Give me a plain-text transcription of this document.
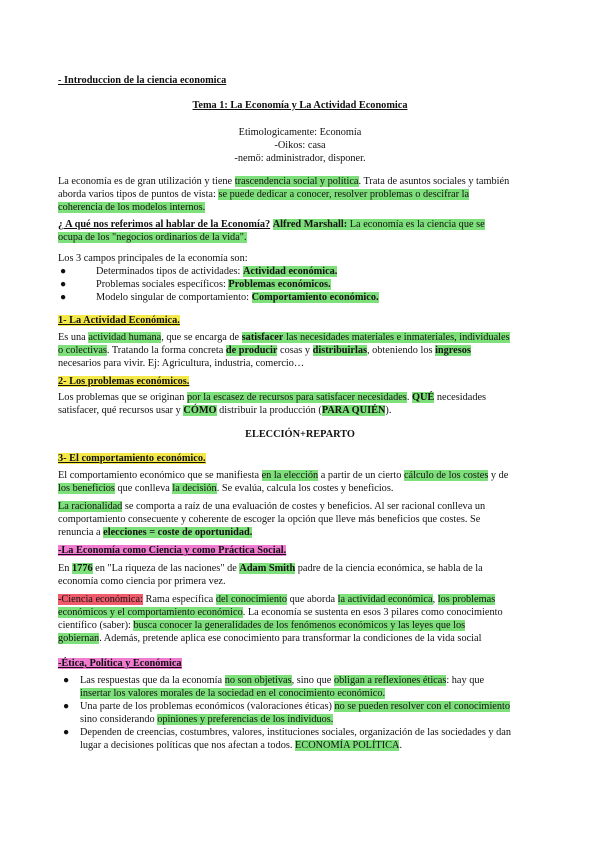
- Introduccion de la ciencia economica
Tema 1: La Economía y La Actividad Economica
Etimologicamente: Economía
-Oikos: casa
-nemö: administrador, disponer.
La economía es de gran utilización y tiene trascendencia social y política. Trata de asuntos sociales y también
aborda varios tipos de puntos de vista: se puede dedicar a conocer, resolver problemas o descifrar la
coherencia de los modelos internos.
¿ A qué nos referimos al hablar de la Economía? Alfred Marshall: La economía es la ciencia que se
ocupa de los "negocios ordinarios de la vida".
Los 3 campos principales de la economía son:
●	Determinados tipos de actividades: Actividad económica.
●	Problemas sociales específicos: Problemas económicos.
●	Modelo singular de comportamiento: Comportamiento económico.
1- La Actividad Económica.
Es una actividad humana, que se encarga de satisfacer las necesidades materiales e inmateriales, individuales
o colectivas. Tratando la forma concreta de producir cosas y distribuirlas, obteniendo los ingresos
necesarios para vivir. Ej: Agricultura, industria, comercio…
2- Los problemas económicos.
Los problemas que se originan por la escasez de recursos para satisfacer necesidades. QUÉ necesidades
satisfacer, qué recursos usar y CÓMO distribuir la producción (PARA QUIÉN).
ELECCIÓN+REPARTO
3- El comportamiento económico.
El comportamiento económico que se manifiesta en la elección a partir de un cierto cálculo de los costes y de
los beneficios que conlleva la decisión. Se evalúa, calcula los costes y beneficios.
La racionalidad se comporta a raíz de una evaluación de costes y beneficios. Al ser racional conlleva un
comportamiento consecuente y coherente de escoger la opción que lleve más beneficios que costes. Se
renuncia a elecciones = coste de oportunidad.
-La Economía como Ciencia y como Práctica Social.
En 1776 en "La riqueza de las naciones" de Adam Smith padre de la ciencia económica, se habla de la
economía como ciencia por primera vez.
-Ciencia económica: Rama específica del conocimiento que aborda la actividad económica, los problemas
económicos y el comportamiento económico. La economía se sustenta en esos 3 pilares como conocimiento
científico (saber): busca conocer la generalidades de los fenómenos económicos y las leyes que los
gobiernan. Además, pretende aplica ese conocimiento para transformar la condiciones de la vida social
-Ética, Política y Económica
● Las respuestas que da la economía no son objetivas, sino que obligan a reflexiones éticas: hay que
insertar los valores morales de la sociedad en el conocimiento económico.
● Una parte de los problemas económicos (valoraciones éticas) no se pueden resolver con el conocimiento
sino considerando opiniones y preferencias de los individuos.
● Dependen de creencias, costumbres, valores, instituciones sociales, organización de las sociedades y dan
lugar a decisiones políticas que nos afectan a todos. ECONOMÍA POLÍTICA.
